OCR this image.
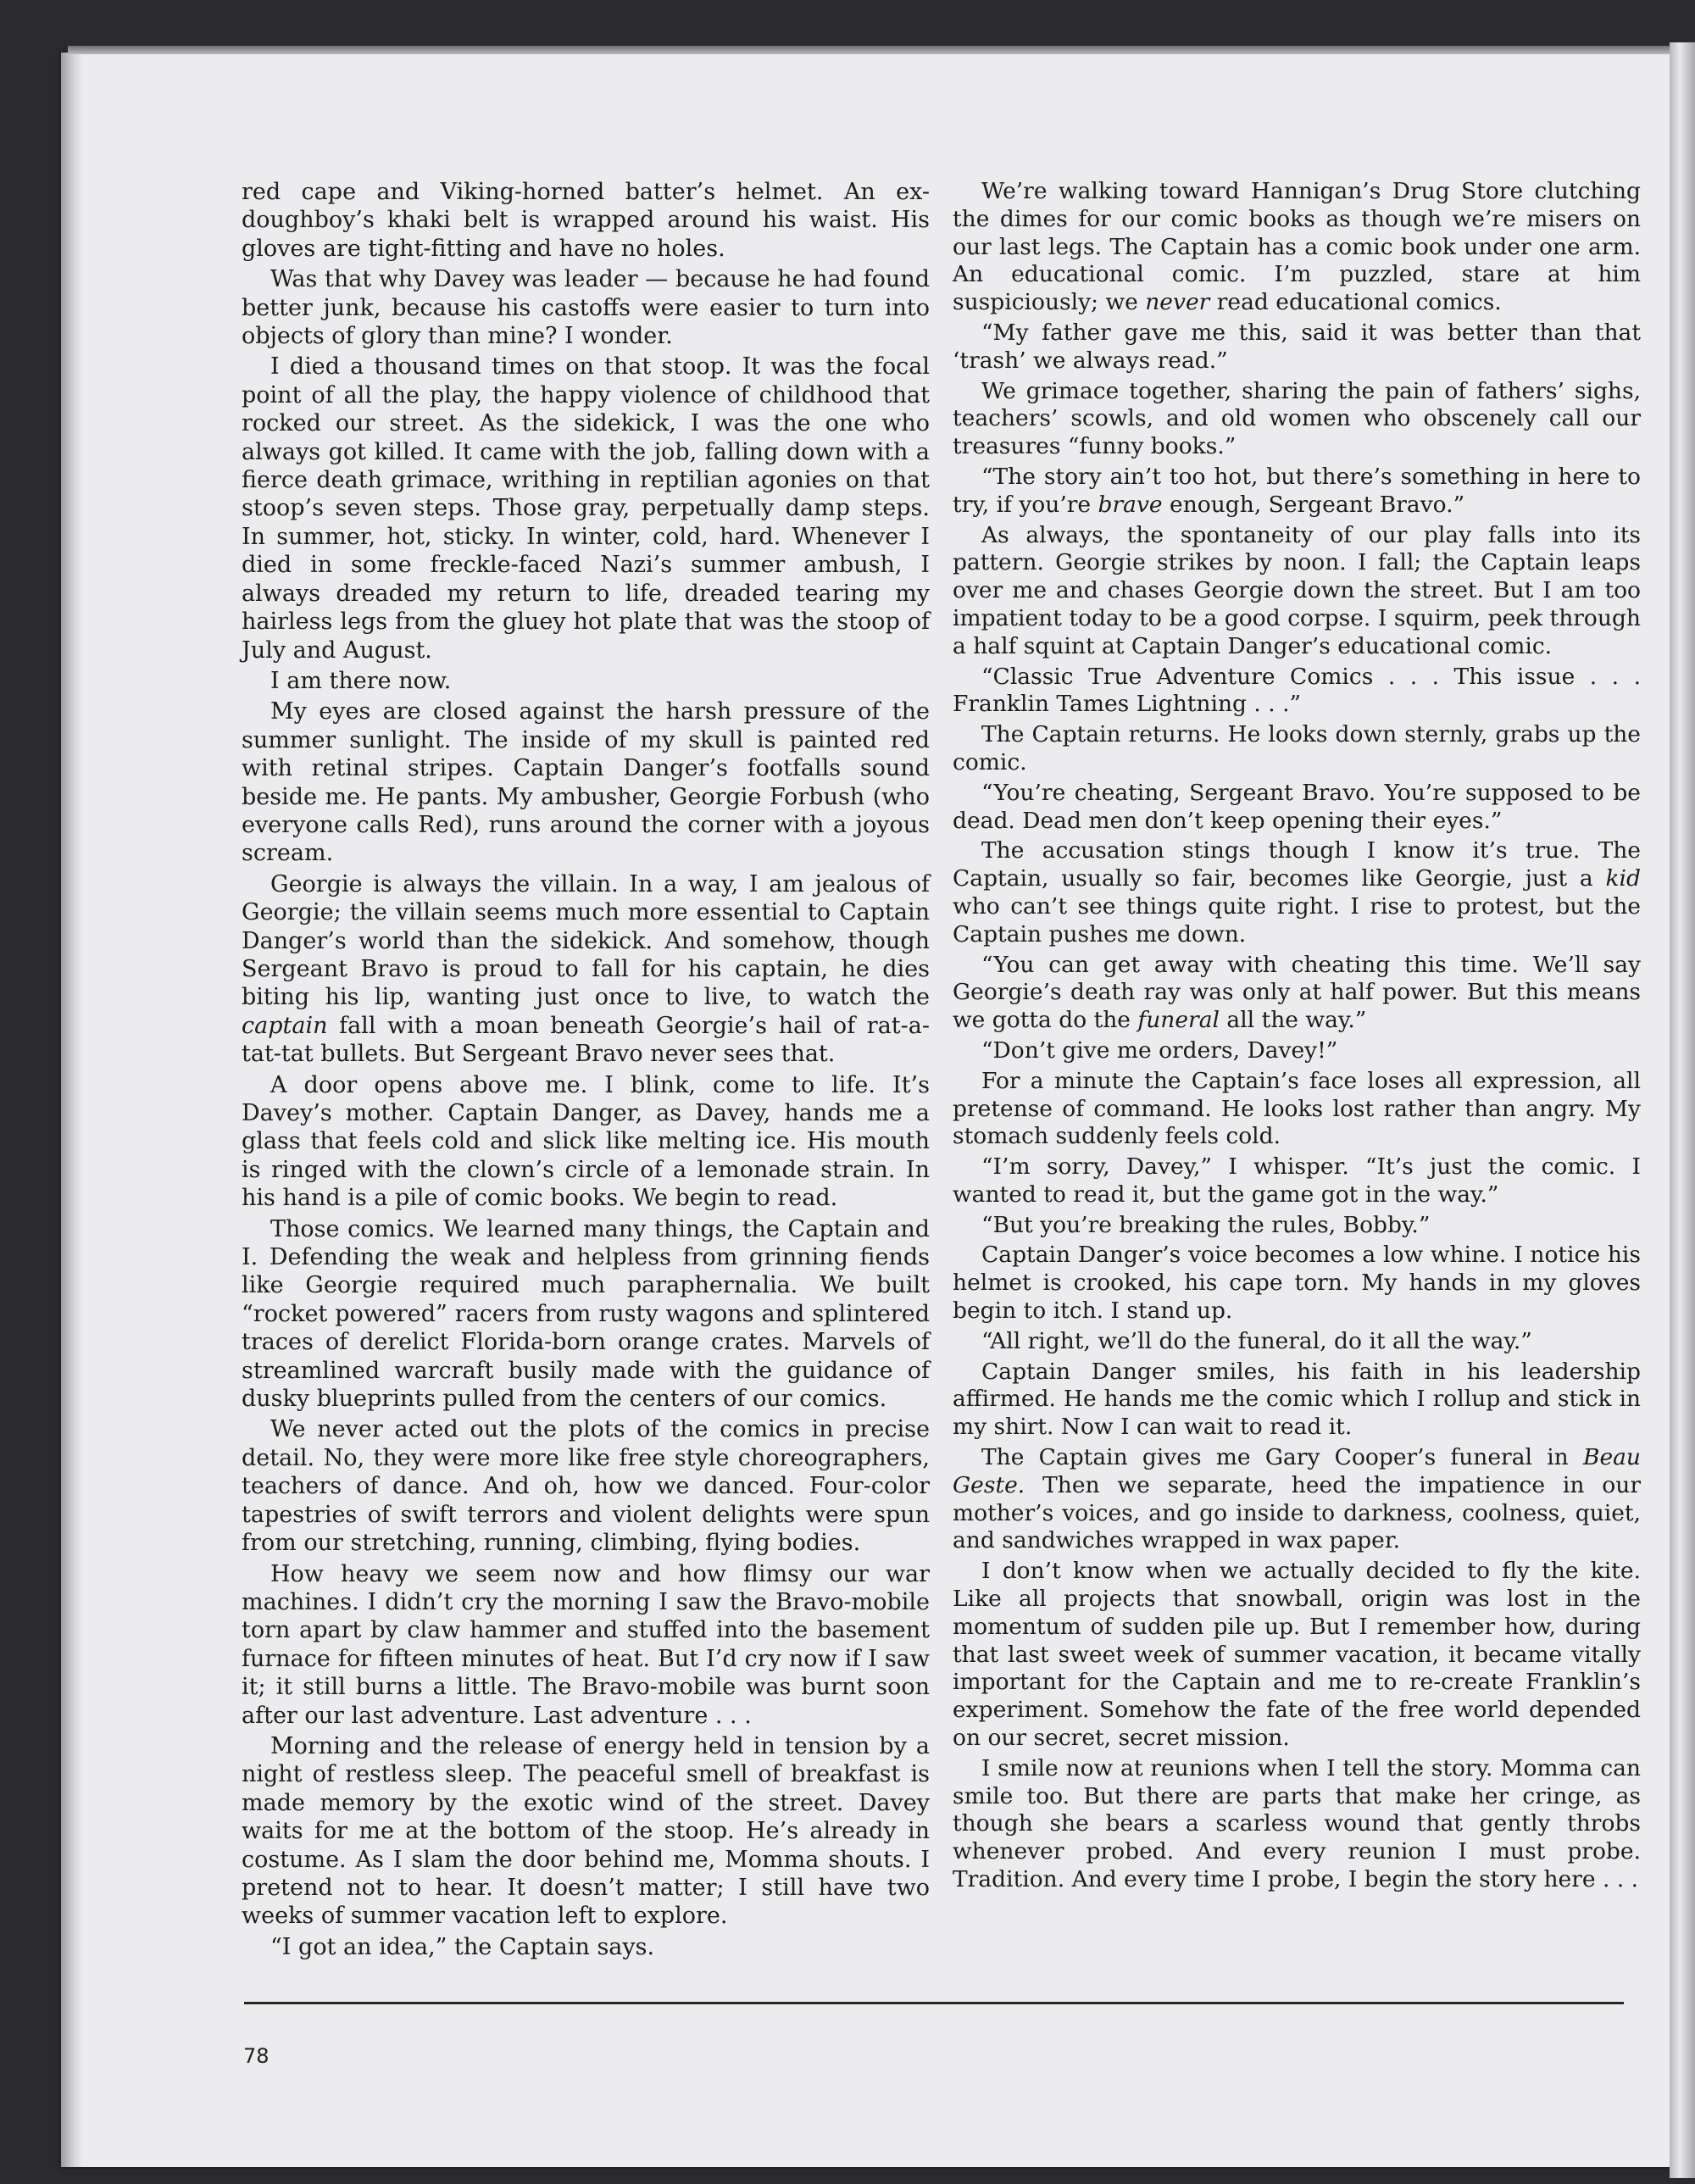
red cape and Viking-horned batter’s helmet. An ex-doughboy’s khaki belt is wrapped around his waist. His gloves are tight-fitting and have no holes.

Was that why Davey was leader — because he had found better junk, because his castoffs were easier to turn into objects of glory than mine? I wonder.

I died a thousand times on that stoop. It was the focal point of all the play, the happy violence of childhood that rocked our street. As the sidekick, I was the one who always got killed. It came with the job, falling down with a fierce death grimace, writhing in reptilian agonies on that stoop’s seven steps. Those gray, perpetually damp steps. In summer, hot, sticky. In winter, cold, hard. Whenever I died in some freckle-faced Nazi’s summer ambush, I always dreaded my return to life, dreaded tearing my hairless legs from the gluey hot plate that was the stoop of July and August.

I am there now.

My eyes are closed against the harsh pressure of the summer sunlight. The inside of my skull is painted red with retinal stripes. Captain Danger’s footfalls sound beside me. He pants. My ambusher, Georgie Forbush (who everyone calls Red), runs around the corner with a joyous scream.

Georgie is always the villain. In a way, I am jealous of Georgie; the villain seems much more essential to Captain Danger’s world than the sidekick. And somehow, though Sergeant Bravo is proud to fall for his captain, he dies biting his lip, wanting just once to live, to watch the captain fall with a moan beneath Georgie’s hail of rat-a-tat-tat bullets. But Sergeant Bravo never sees that.

A door opens above me. I blink, come to life. It’s Davey’s mother. Captain Danger, as Davey, hands me a glass that feels cold and slick like melting ice. His mouth is ringed with the clown’s circle of a lemonade strain. In his hand is a pile of comic books. We begin to read.

Those comics. We learned many things, the Captain and I. Defending the weak and helpless from grinning fiends like Georgie required much paraphernalia. We built “rocket powered” racers from rusty wagons and splintered traces of derelict Florida-born orange crates. Marvels of streamlined warcraft busily made with the guidance of dusky blueprints pulled from the centers of our comics.

We never acted out the plots of the comics in precise detail. No, they were more like free style choreographers, teachers of dance. And oh, how we danced. Four-color tapestries of swift terrors and violent delights were spun from our stretching, running, climbing, flying bodies.

How heavy we seem now and how flimsy our war machines. I didn’t cry the morning I saw the Bravo-mobile torn apart by claw hammer and stuffed into the basement furnace for fifteen minutes of heat. But I’d cry now if I saw it; it still burns a little. The Bravo-mobile was burnt soon after our last adventure. Last adventure . . .

Morning and the release of energy held in tension by a night of restless sleep. The peaceful smell of breakfast is made memory by the exotic wind of the street. Davey waits for me at the bottom of the stoop. He’s already in costume. As I slam the door behind me, Momma shouts. I pretend not to hear. It doesn’t matter; I still have two weeks of summer vacation left to explore.

“I got an idea,” the Captain says.

We’re walking toward Hannigan’s Drug Store clutching the dimes for our comic books as though we’re misers on our last legs. The Captain has a comic book under one arm. An educational comic. I’m puzzled, stare at him suspiciously; we never read educational comics.

“My father gave me this, said it was better than that ‘trash’ we always read.”

We grimace together, sharing the pain of fathers’ sighs, teachers’ scowls, and old women who obscenely call our treasures “funny books.”

“The story ain’t too hot, but there’s something in here to try, if you’re brave enough, Sergeant Bravo.”

As always, the spontaneity of our play falls into its pattern. Georgie strikes by noon. I fall; the Captain leaps over me and chases Georgie down the street. But I am too impatient today to be a good corpse. I squirm, peek through a half squint at Captain Danger’s educational comic.

“Classic True Adventure Comics . . . This issue . . . Franklin Tames Lightning . . .”

The Captain returns. He looks down sternly, grabs up the comic.

“You’re cheating, Sergeant Bravo. You’re supposed to be dead. Dead men don’t keep opening their eyes.”

The accusation stings though I know it’s true. The Captain, usually so fair, becomes like Georgie, just a kid who can’t see things quite right. I rise to protest, but the Captain pushes me down.

“You can get away with cheating this time. We’ll say Georgie’s death ray was only at half power. But this means we gotta do the funeral all the way.”

“Don’t give me orders, Davey!”

For a minute the Captain’s face loses all expression, all pretense of command. He looks lost rather than angry. My stomach suddenly feels cold.

“I’m sorry, Davey,” I whisper. “It’s just the comic. I wanted to read it, but the game got in the way.”

“But you’re breaking the rules, Bobby.”

Captain Danger’s voice becomes a low whine. I notice his helmet is crooked, his cape torn. My hands in my gloves begin to itch. I stand up.

“All right, we’ll do the funeral, do it all the way.”

Captain Danger smiles, his faith in his leadership affirmed. He hands me the comic which I rollup and stick in my shirt. Now I can wait to read it.

The Captain gives me Gary Cooper’s funeral in Beau Geste. Then we separate, heed the impatience in our mother’s voices, and go inside to darkness, coolness, quiet, and sandwiches wrapped in wax paper.

I don’t know when we actually decided to fly the kite. Like all projects that snowball, origin was lost in the momentum of sudden pile up. But I remember how, during that last sweet week of summer vacation, it became vitally important for the Captain and me to re-create Franklin’s experiment. Somehow the fate of the free world depended on our secret, secret mission.

I smile now at reunions when I tell the story. Momma can smile too. But there are parts that make her cringe, as though she bears a scarless wound that gently throbs whenever probed. And every reunion I must probe. Tradition. And every time I probe, I begin the story here . . .

78
